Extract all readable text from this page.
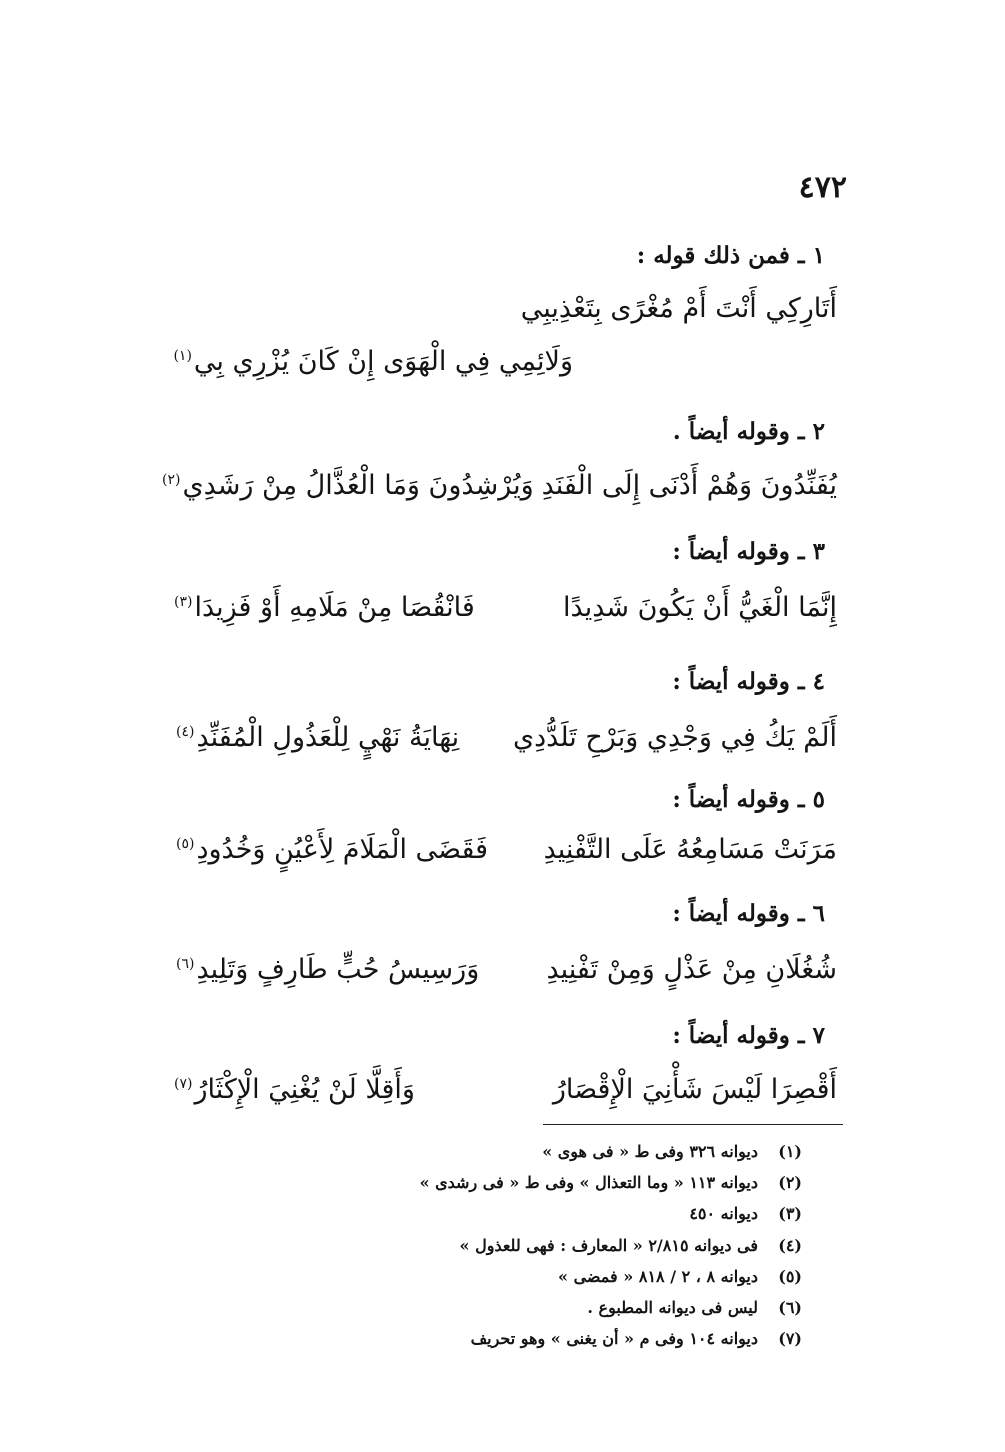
٤٧٢
١ ـ فمن ذلك قوله :
أَتَارِكِي أَنْتَ أَمْ مُغْرًى بِتَعْذِيبِي
وَلَائِمِي فِي الْهَوَى إِنْ كَانَ يُزْرِي بِي$^{(١)}$
٢ ـ وقوله أيضاً .
يُفَنِّدُونَ وَهُمْ أَدْنَى إِلَى الْفَنَدِ
وَيُرْشِدُونَ وَمَا الْعُذَّالُ مِنْ رَشَدِي$^{(٢)}$
٣ ـ وقوله أيضاً :
إِنَّمَا الْغَيُّ أَنْ يَكُونَ شَدِيدًا
فَانْقُصَا مِنْ مَلَامِهِ أَوْ فَزِيدَا$^{(٣)}$
٤ ـ وقوله أيضاً :
أَلَمْ يَكُ فِي وَجْدِي وَبَرْحِ تَلَدُّدِي
نِهَايَةُ نَهْيٍ لِلْعَذُولِ الْمُفَنِّدِ$^{(٤)}$
٥ ـ وقوله أيضاً :
مَرَنَتْ مَسَامِعُهُ عَلَى التَّفْنِيدِ
فَقَضَى الْمَلَامَ لِأَعْيُنٍ وَخُدُودِ$^{(٥)}$
٦ ـ وقوله أيضاً :
شُغُلَانِ مِنْ عَذْلٍ وَمِنْ تَفْنِيدِ
وَرَسِيسُ حُبٍّ طَارِفٍ وَتَلِيدِ$^{(٦)}$
٧ ـ وقوله أيضاً :
أَقْصِرَا لَيْسَ شَأْنِيَ الْإِقْصَارُ
وَأَقِلَّا لَنْ يُغْنِيَ الْإِكْثَارُ$^{(٧)}$
(١)ديوانه ٣٢٦ وفى ط « فى هوى »
(٢)ديوانه ١١٣ « وما التعذال » وفى ط « فى رشدى »
(٣)ديوانه ٤٥٠
(٤)فى ديوانه ٢/٨١٥ « المعارف : فهى للعذول »
(٥)ديوانه ٨ ، ٢ / ٨١٨ « فمضى »
(٦)ليس فى ديوانه المطبوع .
(٧)ديوانه ١٠٤ وفى م « أن يغنى » وهو تحريف
